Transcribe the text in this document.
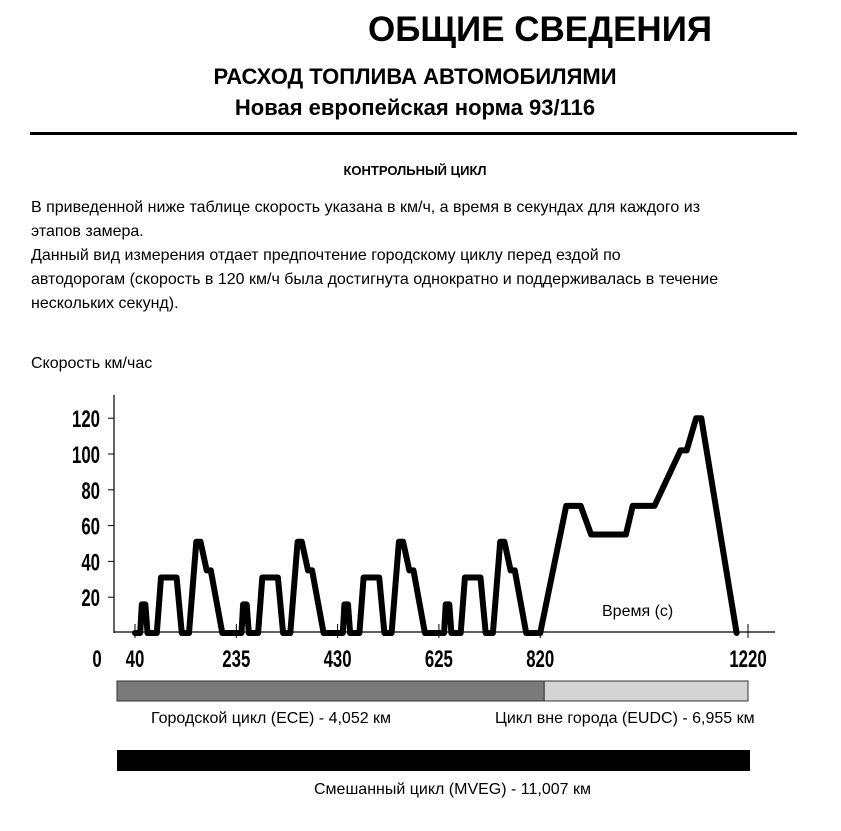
ОБЩИЕ СВЕДЕНИЯ
РАСХОД ТОПЛИВА АВТОМОБИЛЯМИ
Новая европейская норма 93/116
КОНТРОЛЬНЫЙ ЦИКЛ
В приведенной ниже таблице скорость указана в км/ч, а время в секундах для каждого из
этапов замера.
Данный вид измерения отдает предпочтение городскому циклу перед ездой по
автодорогам (скорость в 120 км/ч была достигнута однократно и поддерживалась в течение
нескольких секунд).
Скорость км/час
20
40
60
80
100
120
0 40	235	430	625	820	1220
Время (с)
Городской цикл (ECE) - 4,052 км	Цикл вне города (EUDC) - 6,955 км
Смешанный цикл (MVEG) - 11,007 км
